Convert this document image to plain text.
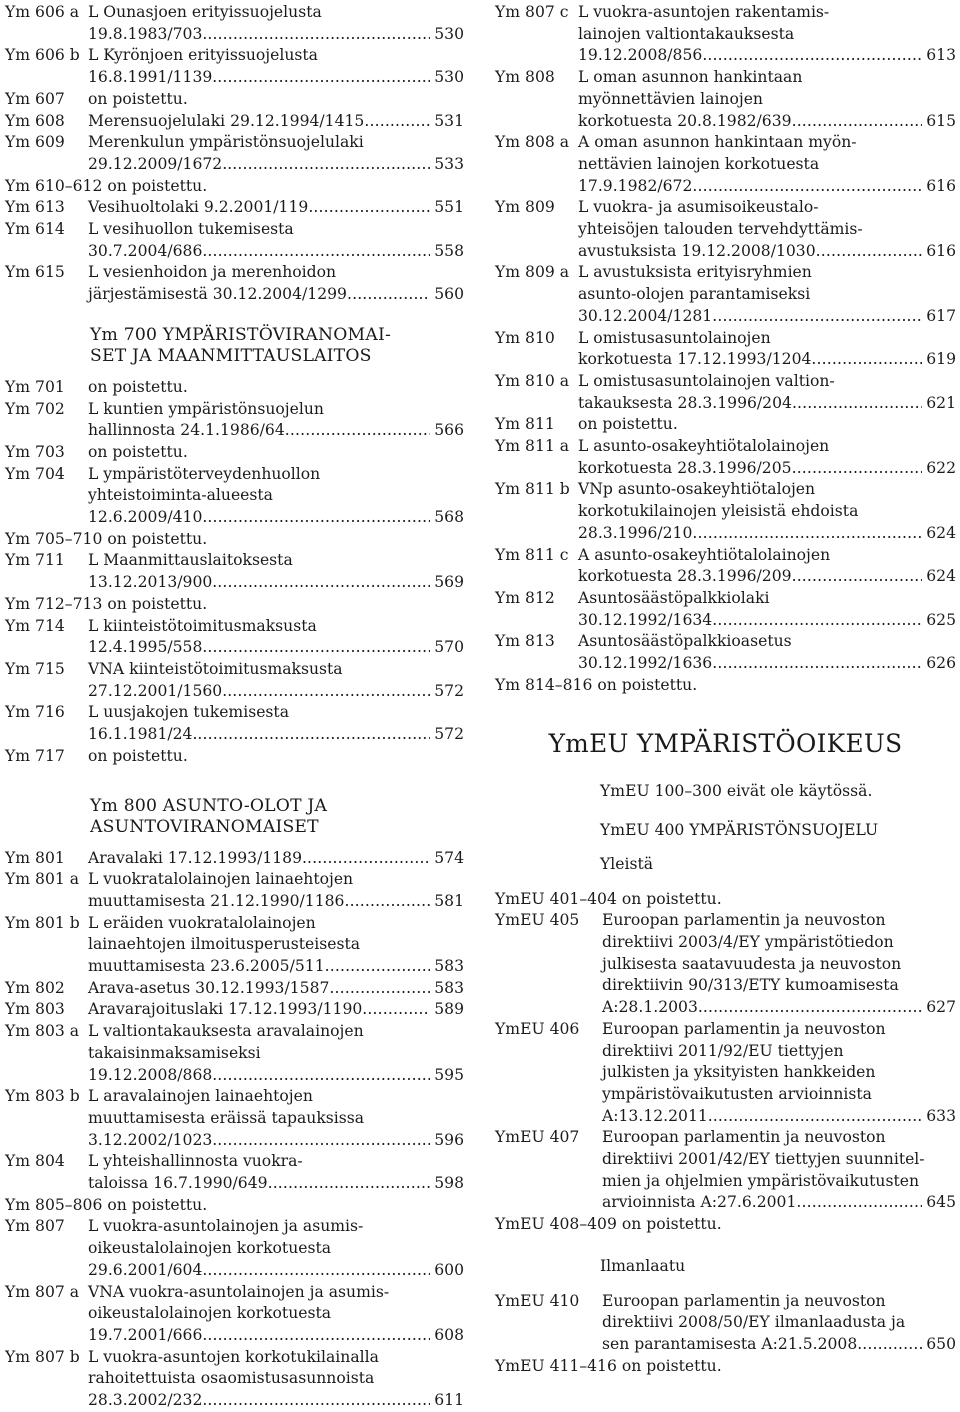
Ym 606 a L Ounasjoen erityissuojelusta
19.8.1983/703. . . .	530
Ym 606 b L Kyrönjoen erityissuojelusta
16.8.1991/1139. . . .	530
Ym 607	on poistettu.
Ym 608	Merensuojelulaki 29.12.1994/1415 . . .	531
Ym 609	Merenkulun ympäristönsuojelulaki
29.12.2009/1672. . . .	533
Ym 610–612 on poistettu.
Ym 613	Vesihuoltolaki 9.2.2001/119 . . .	551
Ym 614	L vesihuollon tukemisesta
30.7.2004/686. . . .	558
Ym 615	L vesienhoidon ja merenhoidon
järjestämisestä 30.12.2004/1299 . . .	560
Ym 700 YMPÄRISTÖVIRANOMAI-
SET JA MAANMITTAUSLAITOS
Ym 701	on poistettu.
Ym 702	L kuntien ympäristönsuojelun
hallinnosta 24.1.1986/64 . . .	566
Ym 703	on poistettu.
Ym 704	L ympäristöterveydenhuollon
yhteistoiminta-alueesta
12.6.2009/410. . . .	568
Ym 705–710 on poistettu.
Ym 711	L Maanmittauslaitoksesta
13.12.2013/900. . . .	569
Ym 712–713 on poistettu.
Ym 714	L kiinteistötoimitusmaksusta
12.4.1995/558. . . .	570
Ym 715	VNA kiinteistötoimitusmaksusta
27.12.2001/1560. . . .	572
Ym 716	L uusjakojen tukemisesta
16.1.1981/24. . . .	572
Ym 717	on poistettu.
Ym 800 ASUNTO-OLOT JA
ASUNTOVIRANOMAISET
Ym 801	Aravalaki 17.12.1993/1189. . . .	574
Ym 801 a L vuokratalolainojen lainaehtojen
muuttamisesta 21.12.1990/1186 . . .	581
Ym 801 b L eräiden vuokratalolainojen
lainaehtojen ilmoitusperusteisesta
muuttamisesta 23.6.2005/511 . . .	583
Ym 802	Arava-asetus 30.12.1993/1587 . . .	583
Ym 803	Aravarajoituslaki 17.12.1993/1190 . . .	589
Ym 803 a L valtiontakauksesta aravalainojen
takaisinmaksamiseksi
19.12.2008/868. . . .	595
Ym 803 b L aravalainojen lainaehtojen
muuttamisesta eräissä tapauksissa
3.12.2002/1023. . . .	596
Ym 804	L yhteishallinnosta vuokra-
taloissa 16.7.1990/649 . . .	598
Ym 805–806 on poistettu.
Ym 807	L vuokra-asuntolainojen ja asumis-
oikeustalolainojen korkotuesta
29.6.2001/604. . . .	600
Ym 807 a VNA vuokra-asuntolainojen ja asumis-
oikeustalolainojen korkotuesta
19.7.2001/666. . . .	608
Ym 807 b L vuokra-asuntojen korkotukilainalla
rahoitettuista osaomistusasunnoista
28.3.2002/232. . . .	611
Ym 807 c L vuokra-asuntojen rakentamis-
lainojen valtiontakauksesta
19.12.2008/856 . . .	613
Ym 808	L oman asunnon hankintaan
myönnettävien lainojen
korkotuesta 20.8.1982/639 . . .	615
Ym 808 a A oman asunnon hankintaan myön-
nettävien lainojen korkotuesta
17.9.1982/672 . . .	616
Ym 809	L vuokra- ja asumisoikeustalo-
yhteisöjen talouden tervehdyttämis-
avustuksista 19.12.2008/1030 . . .	616
Ym 809 a L avustuksista erityisryhmien
asunto-olojen parantamiseksi
30.12.2004/1281 . . .	617
Ym 810	L omistusasuntolainojen
korkotuesta 17.12.1993/1204 . . .	619
Ym 810 a L omistusasuntolainojen valtion-
takauksesta 28.3.1996/204 . . .	621
Ym 811	on poistettu.
Ym 811 a L asunto-osakeyhtiötalolainojen
korkotuesta 28.3.1996/205 . . .	622
Ym 811 b VNp asunto-osakeyhtiötalojen
korkotukilainojen yleisistä ehdoista
28.3.1996/210 . . .	624
Ym 811 c A asunto-osakeyhtiötalolainojen
korkotuesta 28.3.1996/209 . . .	624
Ym 812	Asuntosäästöpalkkiolaki
30.12.1992/1634 . . .	625
Ym 813	Asuntosäästöpalkkioasetus
30.12.1992/1636 . . .	626
Ym 814–816 on poistettu.
YmEU YMPÄRISTÖOIKEUS
YmEU 100–300 eivät ole käytössä.
YmEU 400 YMPÄRISTÖNSUOJELU
Yleistä
YmEU 401–404 on poistettu.
YmEU 405	Euroopan parlamentin ja neuvoston
direktiivi 2003/4/EY ympäristötiedon
julkisesta saatavuudesta ja neuvoston
direktiivin 90/313/ETY kumoamisesta
A:28.1.2003. . . .	627
YmEU 406	Euroopan parlamentin ja neuvoston
direktiivi 2011/92/EU tiettyjen
julkisten ja yksityisten hankkeiden
ympäristövaikutusten arvioinnista
A:13.12.2011. . . .	633
YmEU 407	Euroopan parlamentin ja neuvoston
direktiivi 2001/42/EY tiettyjen suunnitel-
mien ja ohjelmien ympäristövaikutusten
arvioinnista A:27.6.2001 . . .	645
YmEU 408–409 on poistettu.
Ilmanlaatu
YmEU 410	Euroopan parlamentin ja neuvoston
direktiivi 2008/50/EY ilmanlaadusta ja
sen parantamisesta A:21.5.2008. . . .	650
YmEU 411–416 on poistettu.
